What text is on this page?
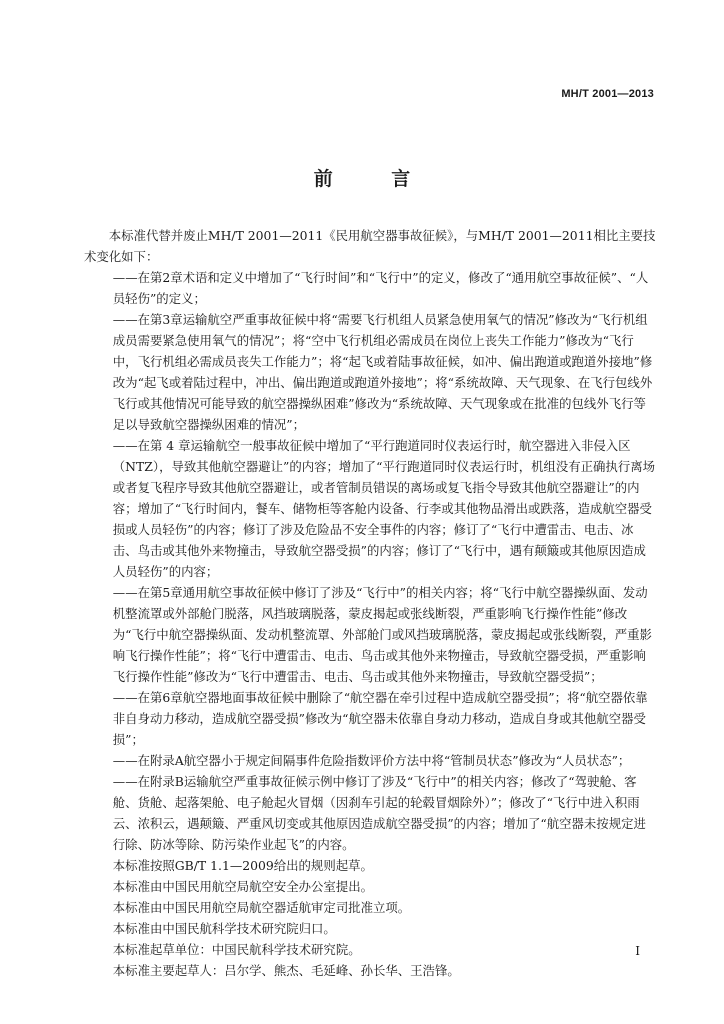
MH/T 2001—2013
前 言

本标准代替并废止MH/T 2001—2011《民用航空器事故征候》，与MH/T 2001—2011相比主要技术变化如下：

——在第2章术语和定义中增加了“飞行时间”和“飞行中”的定义，修改了“通用航空事故征候”、“人员轻伤”的定义；

——在第3章运输航空严重事故征候中将“需要飞行机组人员紧急使用氧气的情况”修改为“飞行机组成员需要紧急使用氧气的情况”；将“空中飞行机组必需成员在岗位上丧失工作能力”修改为“飞行中，飞行机组必需成员丧失工作能力”；将“起飞或着陆事故征候，如冲、偏出跑道或跑道外接地”修改为“起飞或着陆过程中，冲出、偏出跑道或跑道外接地”；将“系统故障、天气现象、在飞行包线外飞行或其他情况可能导致的航空器操纵困难”修改为“系统故障、天气现象或在批准的包线外飞行等足以导致航空器操纵困难的情况”；

——在第 4 章运输航空一般事故征候中增加了“平行跑道同时仪表运行时，航空器进入非侵入区（NTZ），导致其他航空器避让”的内容；增加了“平行跑道同时仪表运行时，机组没有正确执行离场或者复飞程序导致其他航空器避让，或者管制员错误的离场或复飞指令导致其他航空器避让”的内容；增加了“飞行时间内，餐车、储物柜等客舱内设备、行李或其他物品滑出或跌落，造成航空器受损或人员轻伤”的内容；修订了涉及危险品不安全事件的内容；修订了“飞行中遭雷击、电击、冰击、鸟击或其他外来物撞击，导致航空器受损”的内容；修订了“飞行中，遇有颠簸或其他原因造成人员轻伤”的内容；

——在第5章通用航空事故征候中修订了涉及“飞行中”的相关内容；将“飞行中航空器操纵面、发动机整流罩或外部舱门脱落，风挡玻璃脱落，蒙皮揭起或张线断裂，严重影响飞行操作性能”修改为“飞行中航空器操纵面、发动机整流罩、外部舱门或风挡玻璃脱落，蒙皮揭起或张线断裂，严重影响飞行操作性能”；将“飞行中遭雷击、电击、鸟击或其他外来物撞击，导致航空器受损，严重影响飞行操作性能”修改为“飞行中遭雷击、电击、鸟击或其他外来物撞击，导致航空器受损”；

——在第6章航空器地面事故征候中删除了“航空器在牵引过程中造成航空器受损”；将“航空器依靠非自身动力移动，造成航空器受损”修改为“航空器未依靠自身动力移动，造成自身或其他航空器受损”；

——在附录A航空器小于规定间隔事件危险指数评价方法中将“管制员状态”修改为“人员状态”；

——在附录B运输航空严重事故征候示例中修订了涉及“飞行中”的相关内容；修改了“驾驶舱、客舱、货舱、起落架舱、电子舱起火冒烟（因刹车引起的轮毂冒烟除外）”；修改了“飞行中进入积雨云、浓积云，遇颠簸、严重风切变或其他原因造成航空器受损”的内容；增加了“航空器未按规定进行除、防冰等除、防污染作业起飞”的内容。

本标准按照GB/T 1.1—2009给出的规则起草。

本标准由中国民用航空局航空安全办公室提出。

本标准由中国民用航空局航空器适航审定司批准立项。

本标准由中国民航科学技术研究院归口。

本标准起草单位：中国民航科学技术研究院。

本标准主要起草人：吕尔学、熊杰、毛延峰、孙长华、王浩锋。

I
